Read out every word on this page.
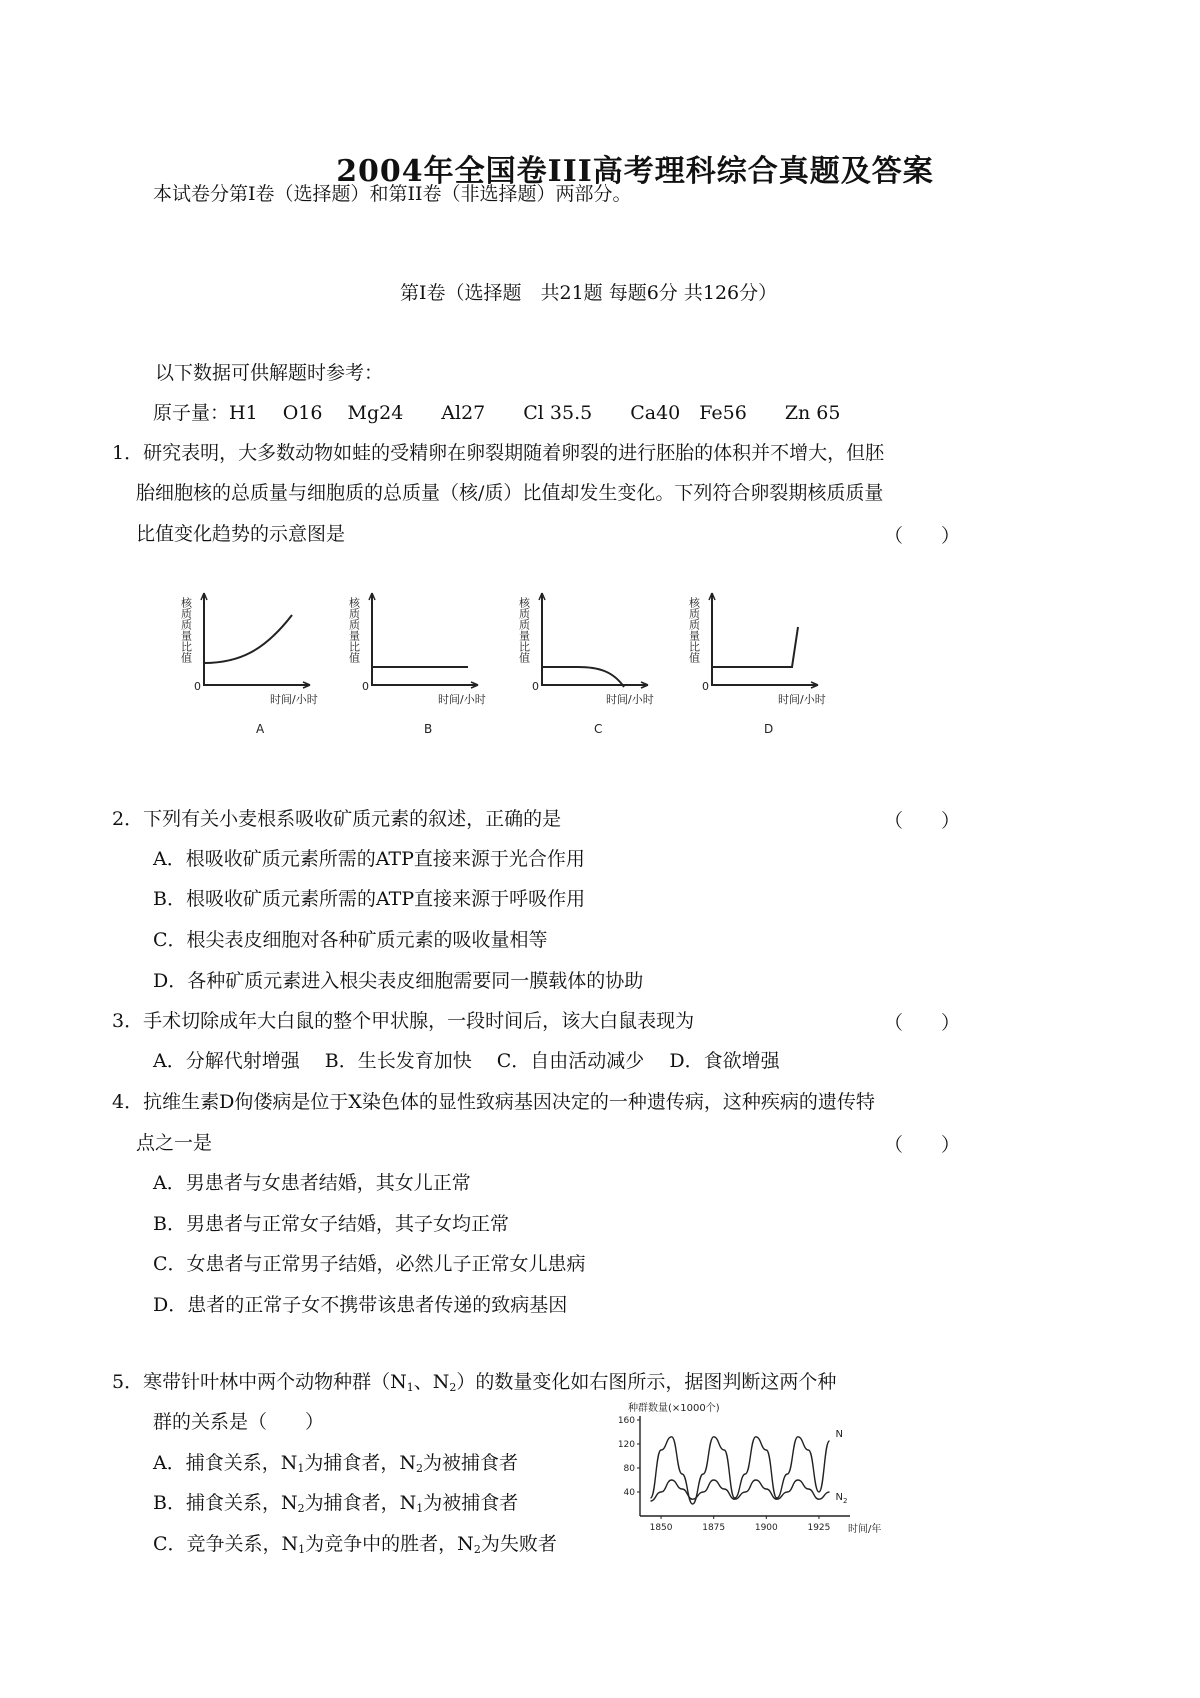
2004年全国卷III高考理科综合真题及答案
本试卷分第I卷（选择题）和第II卷（非选择题）两部分。
第I卷（选择题　共21题 每题6分 共126分）
以下数据可供解题时参考：
原子量：H1　 O16　 Mg24　　Al27　　Cl 35.5　　Ca40　Fe56　　Zn 65
1．研究表明，大多数动物如蛙的受精卵在卵裂期随着卵裂的进行胚胎的体积并不增大，但胚
胎细胞核的总质量与细胞质的总质量（核/质）比值却发生变化。下列符合卵裂期核质质量
比值变化趋势的示意图是	（　　）
核质质量比值
0
时间/小时
A
核质质量比值
0
时间/小时
B
核质质量比值
0
时间/小时
C
核质质量比值
0
时间/小时
D
2．下列有关小麦根系吸收矿质元素的叙述，正确的是	（　　）
A．根吸收矿质元素所需的ATP直接来源于光合作用
B．根吸收矿质元素所需的ATP直接来源于呼吸作用
C．根尖表皮细胞对各种矿质元素的吸收量相等
D．各种矿质元素进入根尖表皮细胞需要同一膜载体的协助
3．手术切除成年大白鼠的整个甲状腺，一段时间后，该大白鼠表现为	（　　）
A．分解代射增强　 B．生长发育加快　 C．自由活动减少　 D．食欲增强
4．抗维生素D佝偻病是位于X染色体的显性致病基因决定的一种遗传病，这种疾病的遗传特
点之一是	（　　）
A．男患者与女患者结婚，其女儿正常
B．男患者与正常女子结婚，其子女均正常
C．女患者与正常男子结婚，必然儿子正常女儿患病
D．患者的正常子女不携带该患者传递的致病基因
5．寒带针叶林中两个动物种群（$N_1$、$N_2$）的数量变化如右图所示，据图判断这两个种
群的关系是（　　）
A．捕食关系，$N_1$为捕食者，$N_2$为被捕食者
B．捕食关系，$N_2$为捕食者，$N_1$为被捕食者
C．竞争关系，$N_1$为竞争中的胜者，$N_2$为失败者
种群数量(×1000个)
40
80
120
160
1850	1875	1900	1925
N
$N_2$
时间/年
